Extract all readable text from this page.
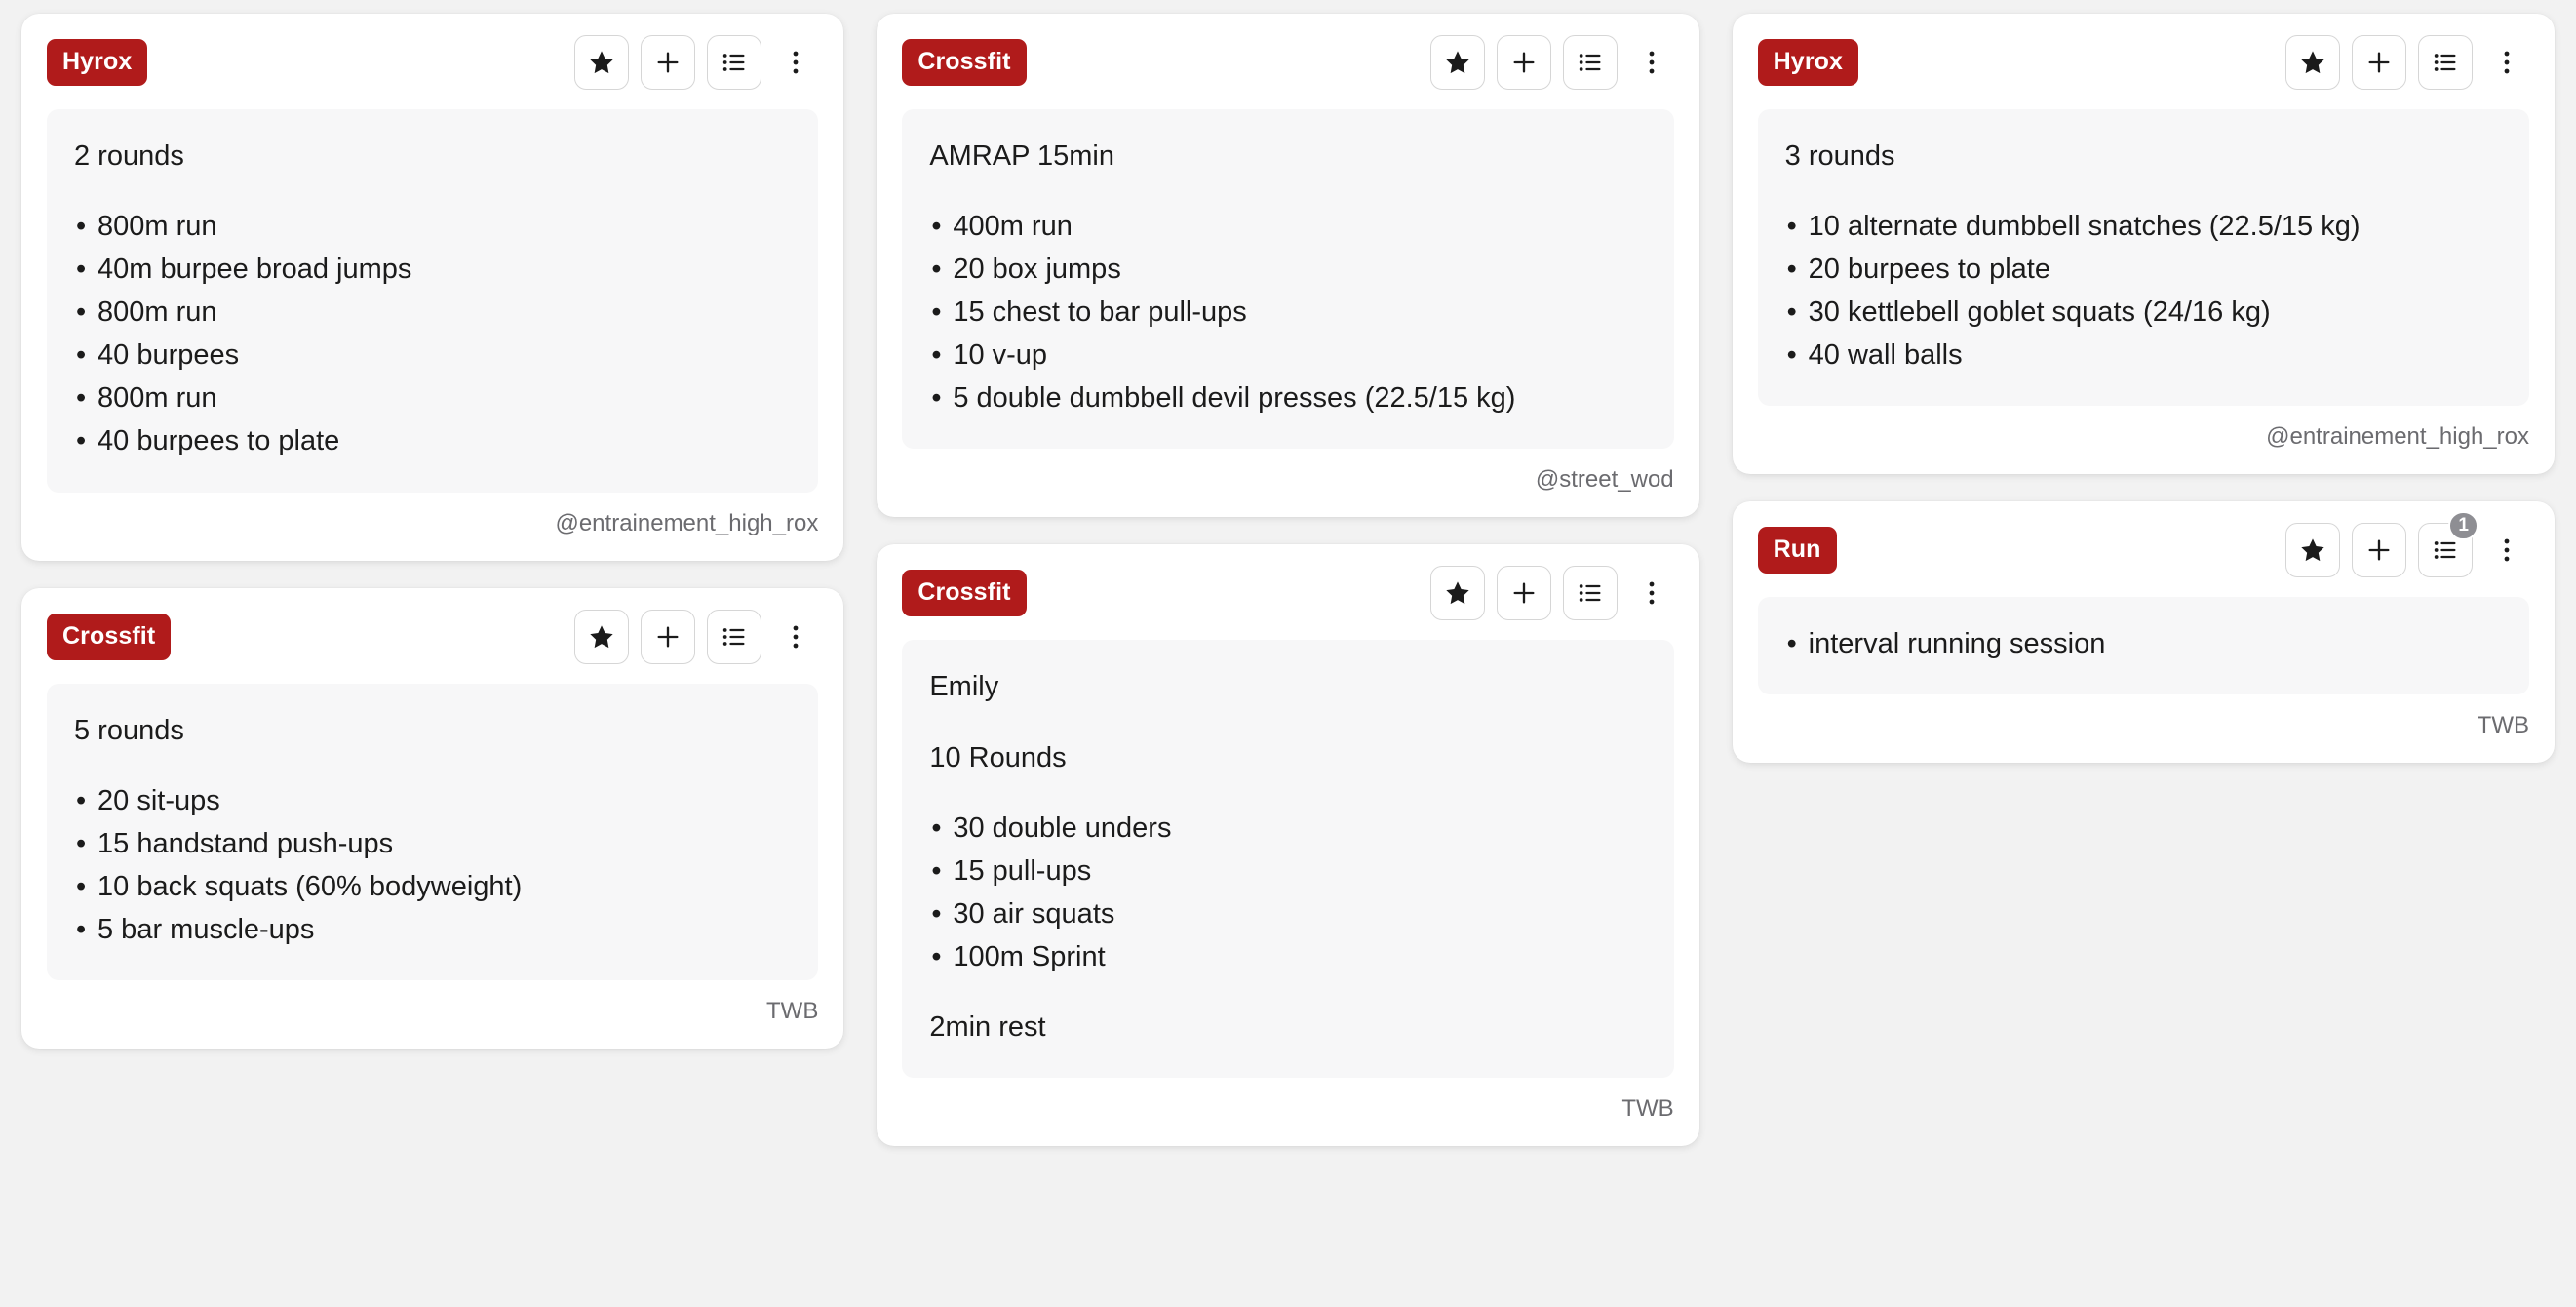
Hyrox

2 rounds

• 800m run
• 40m burpee broad jumps
• 800m run
• 40 burpees
• 800m run
• 40 burpees to plate
@entrainement_high_rox
Crossfit

5 rounds

• 20 sit-ups
• 15 handstand push-ups
• 10 back squats (60% bodyweight)
• 5 bar muscle-ups
TWB
Crossfit

AMRAP 15min

• 400m run
• 20 box jumps
• 15 chest to bar pull-ups
• 10 v-up
• 5 double dumbbell devil presses (22.5/15 kg)
@street_wod
Crossfit

Emily

10 Rounds

• 30 double unders
• 15 pull-ups
• 30 air squats
• 100m Sprint

2min rest

TWB
Hyrox

3 rounds

• 10 alternate dumbbell snatches (22.5/15 kg)
• 20 burpees to plate
• 30 kettlebell goblet squats (24/16 kg)
• 40 wall balls
@entrainement_high_rox
Run
1
• interval running session
TWB
